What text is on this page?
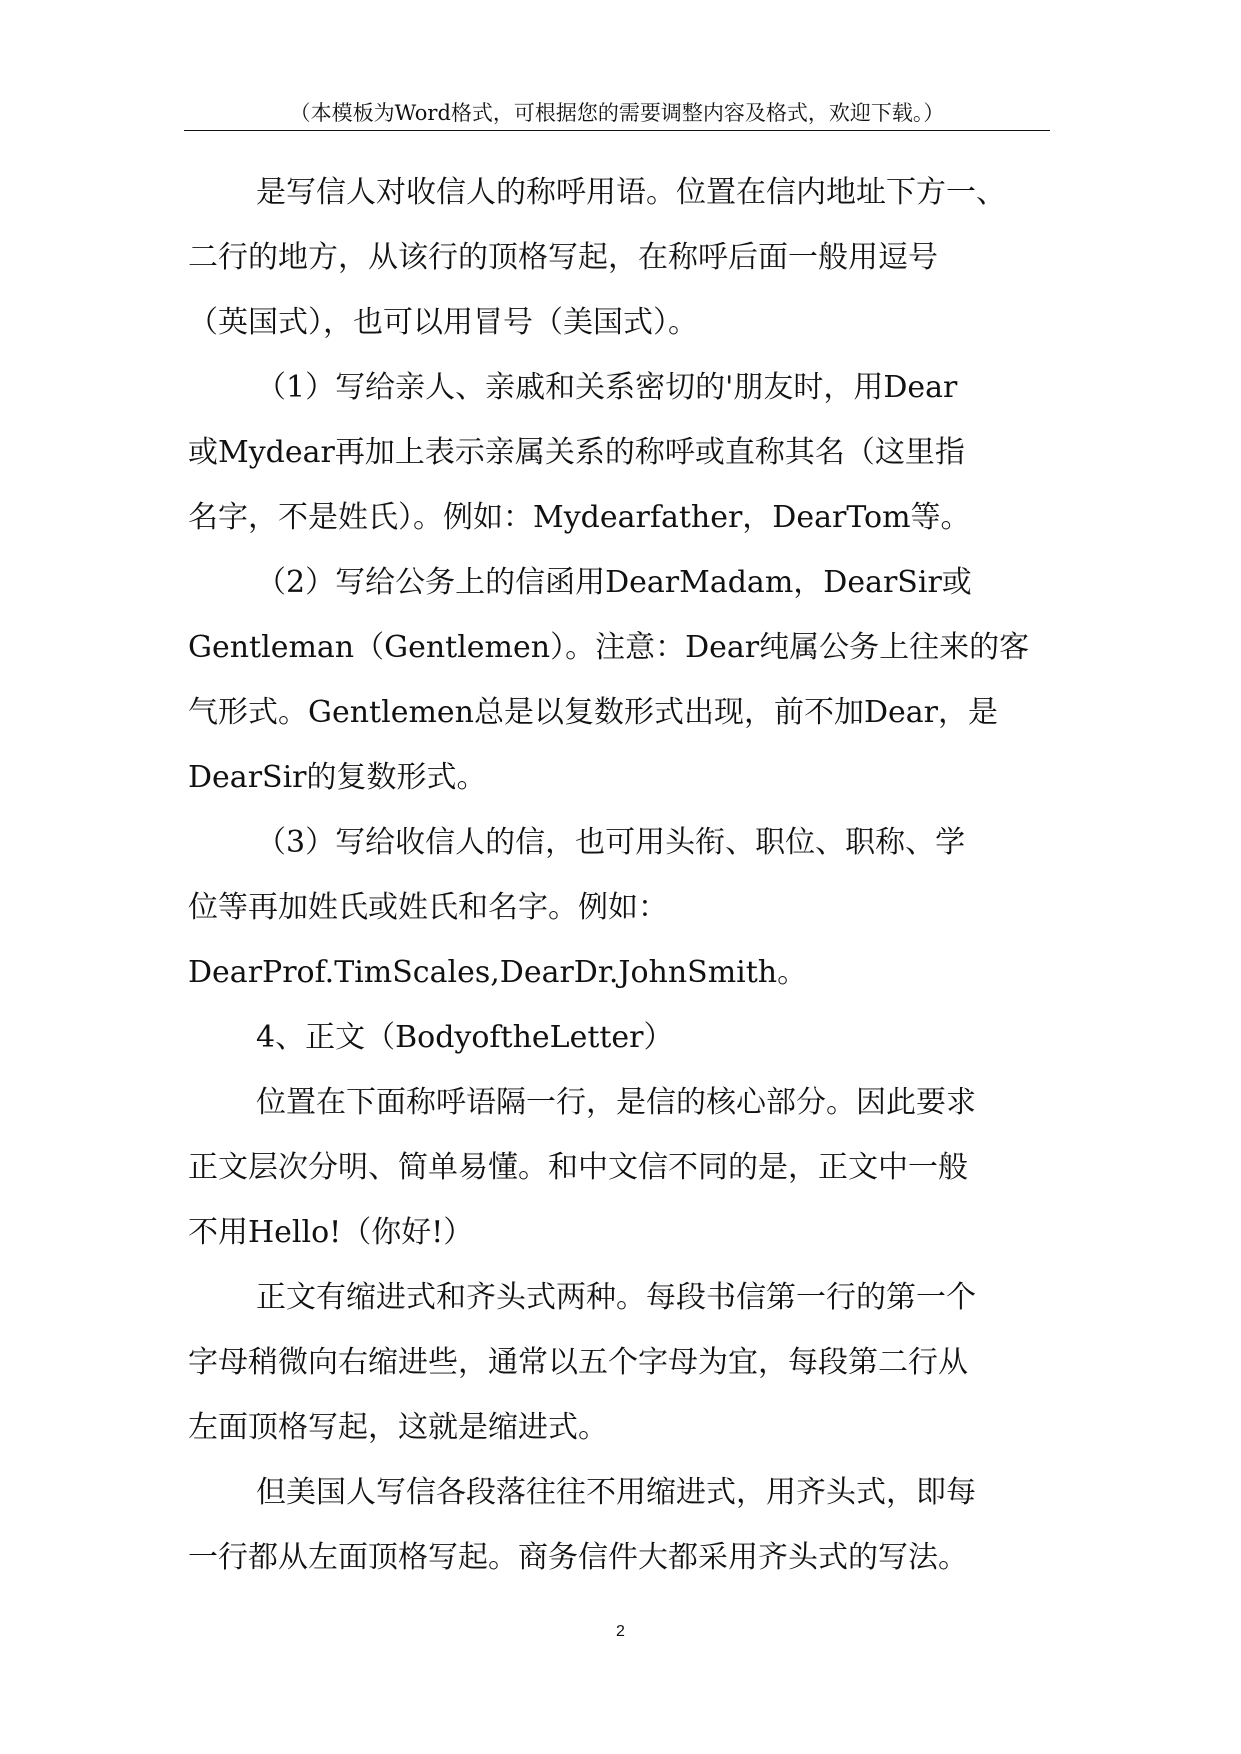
（本模板为Word格式，可根据您的需要调整内容及格式，欢迎下载。）
是写信人对收信人的称呼用语。位置在信内地址下方一、
二行的地方，从该行的顶格写起，在称呼后面一般用逗号
（英国式），也可以用冒号（美国式）。
（1）写给亲人、亲戚和关系密切的'朋友时，用Dear
或Mydear再加上表示亲属关系的称呼或直称其名（这里指
名字，不是姓氏）。例如：Mydearfather，DearTom等。
（2）写给公务上的信函用DearMadam，DearSir或
Gentleman（Gentlemen）。注意：Dear纯属公务上往来的客
气形式。Gentlemen总是以复数形式出现，前不加Dear，是
DearSir的复数形式。
（3）写给收信人的信，也可用头衔、职位、职称、学
位等再加姓氏或姓氏和名字。例如：
DearProf.TimScales,DearDr.JohnSmith。
4、正文（BodyoftheLetter）
位置在下面称呼语隔一行，是信的核心部分。因此要求
正文层次分明、简单易懂。和中文信不同的是，正文中一般
不用Hello!（你好!）
正文有缩进式和齐头式两种。每段书信第一行的第一个
字母稍微向右缩进些，通常以五个字母为宜，每段第二行从
左面顶格写起，这就是缩进式。
但美国人写信各段落往往不用缩进式，用齐头式，即每
一行都从左面顶格写起。商务信件大都采用齐头式的写法。
2
